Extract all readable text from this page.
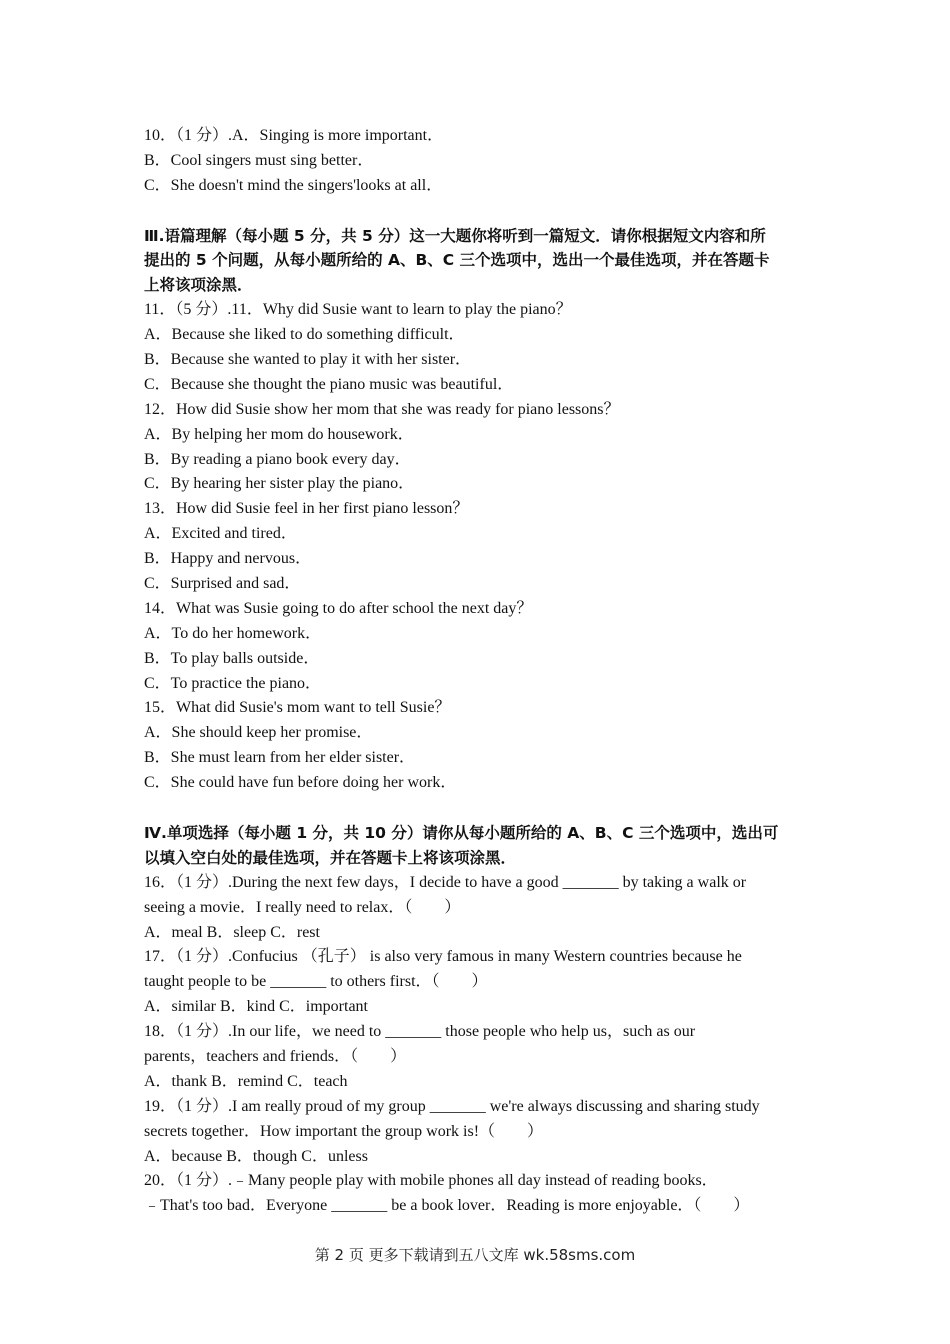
10．（1 分）.A．Singing is more important．
B．Cool singers must sing better．
C．She doesn't mind the singers'looks at all．
Ⅲ.语篇理解（每小题 5 分，共 5 分）这一大题你将听到一篇短文．请你根据短文内容和所
提出的 5 个问题，从每小题所给的 A、B、C 三个选项中，选出一个最佳选项，并在答题卡
上将该项涂黑．
11．（5 分）.11．Why did Susie want to learn to play the piano？
A．Because she liked to do something difficult．
B．Because she wanted to play it with her sister．
C．Because she thought the piano music was beautiful．
12．How did Susie show her mom that she was ready for piano lessons？
A．By helping her mom do housework．
B．By reading a piano book every day．
C．By hearing her sister play the piano．
13．How did Susie feel in her first piano lesson？
A．Excited and tired．
B．Happy and nervous．
C．Surprised and sad．
14．What was Susie going to do after school the next day？
A．To do her homework．
B．To play balls outside．
C．To practice the piano．
15．What did Susie's mom want to tell Susie？
A．She should keep her promise．
B．She must learn from her elder sister．
C．She could have fun before doing her work．
Ⅳ.单项选择（每小题 1 分，共 10 分）请你从每小题所给的 A、B、C 三个选项中，选出可
以填入空白处的最佳选项，并在答题卡上将该项涂黑．
16．（1 分）.During the next few days，I decide to have a good _______ by taking a walk or
seeing a movie．I really need to relax．（　　）
A．meal B．sleep C．rest
17．（1 分）.Confucius （孔子） is also very famous in many Western countries because he
taught people to be _______ to others first．（　　）
A．similar B．kind C．important
18．（1 分）.In our life，we need to _______ those people who help us，such as our
parents，teachers and friends．（　　）
A．thank B．remind C．teach
19．（1 分）.I am really proud of my group _______ we're always discussing and sharing study
secrets together．How important the group work is!（　　）
A．because B．though C．unless
20．（1 分）.﹣Many people play with mobile phones all day instead of reading books．
﹣That's too bad．Everyone _______ be a book lover．Reading is more enjoyable．（　　）
第 2 页 更多下载请到五八文库 wk.58sms.com
